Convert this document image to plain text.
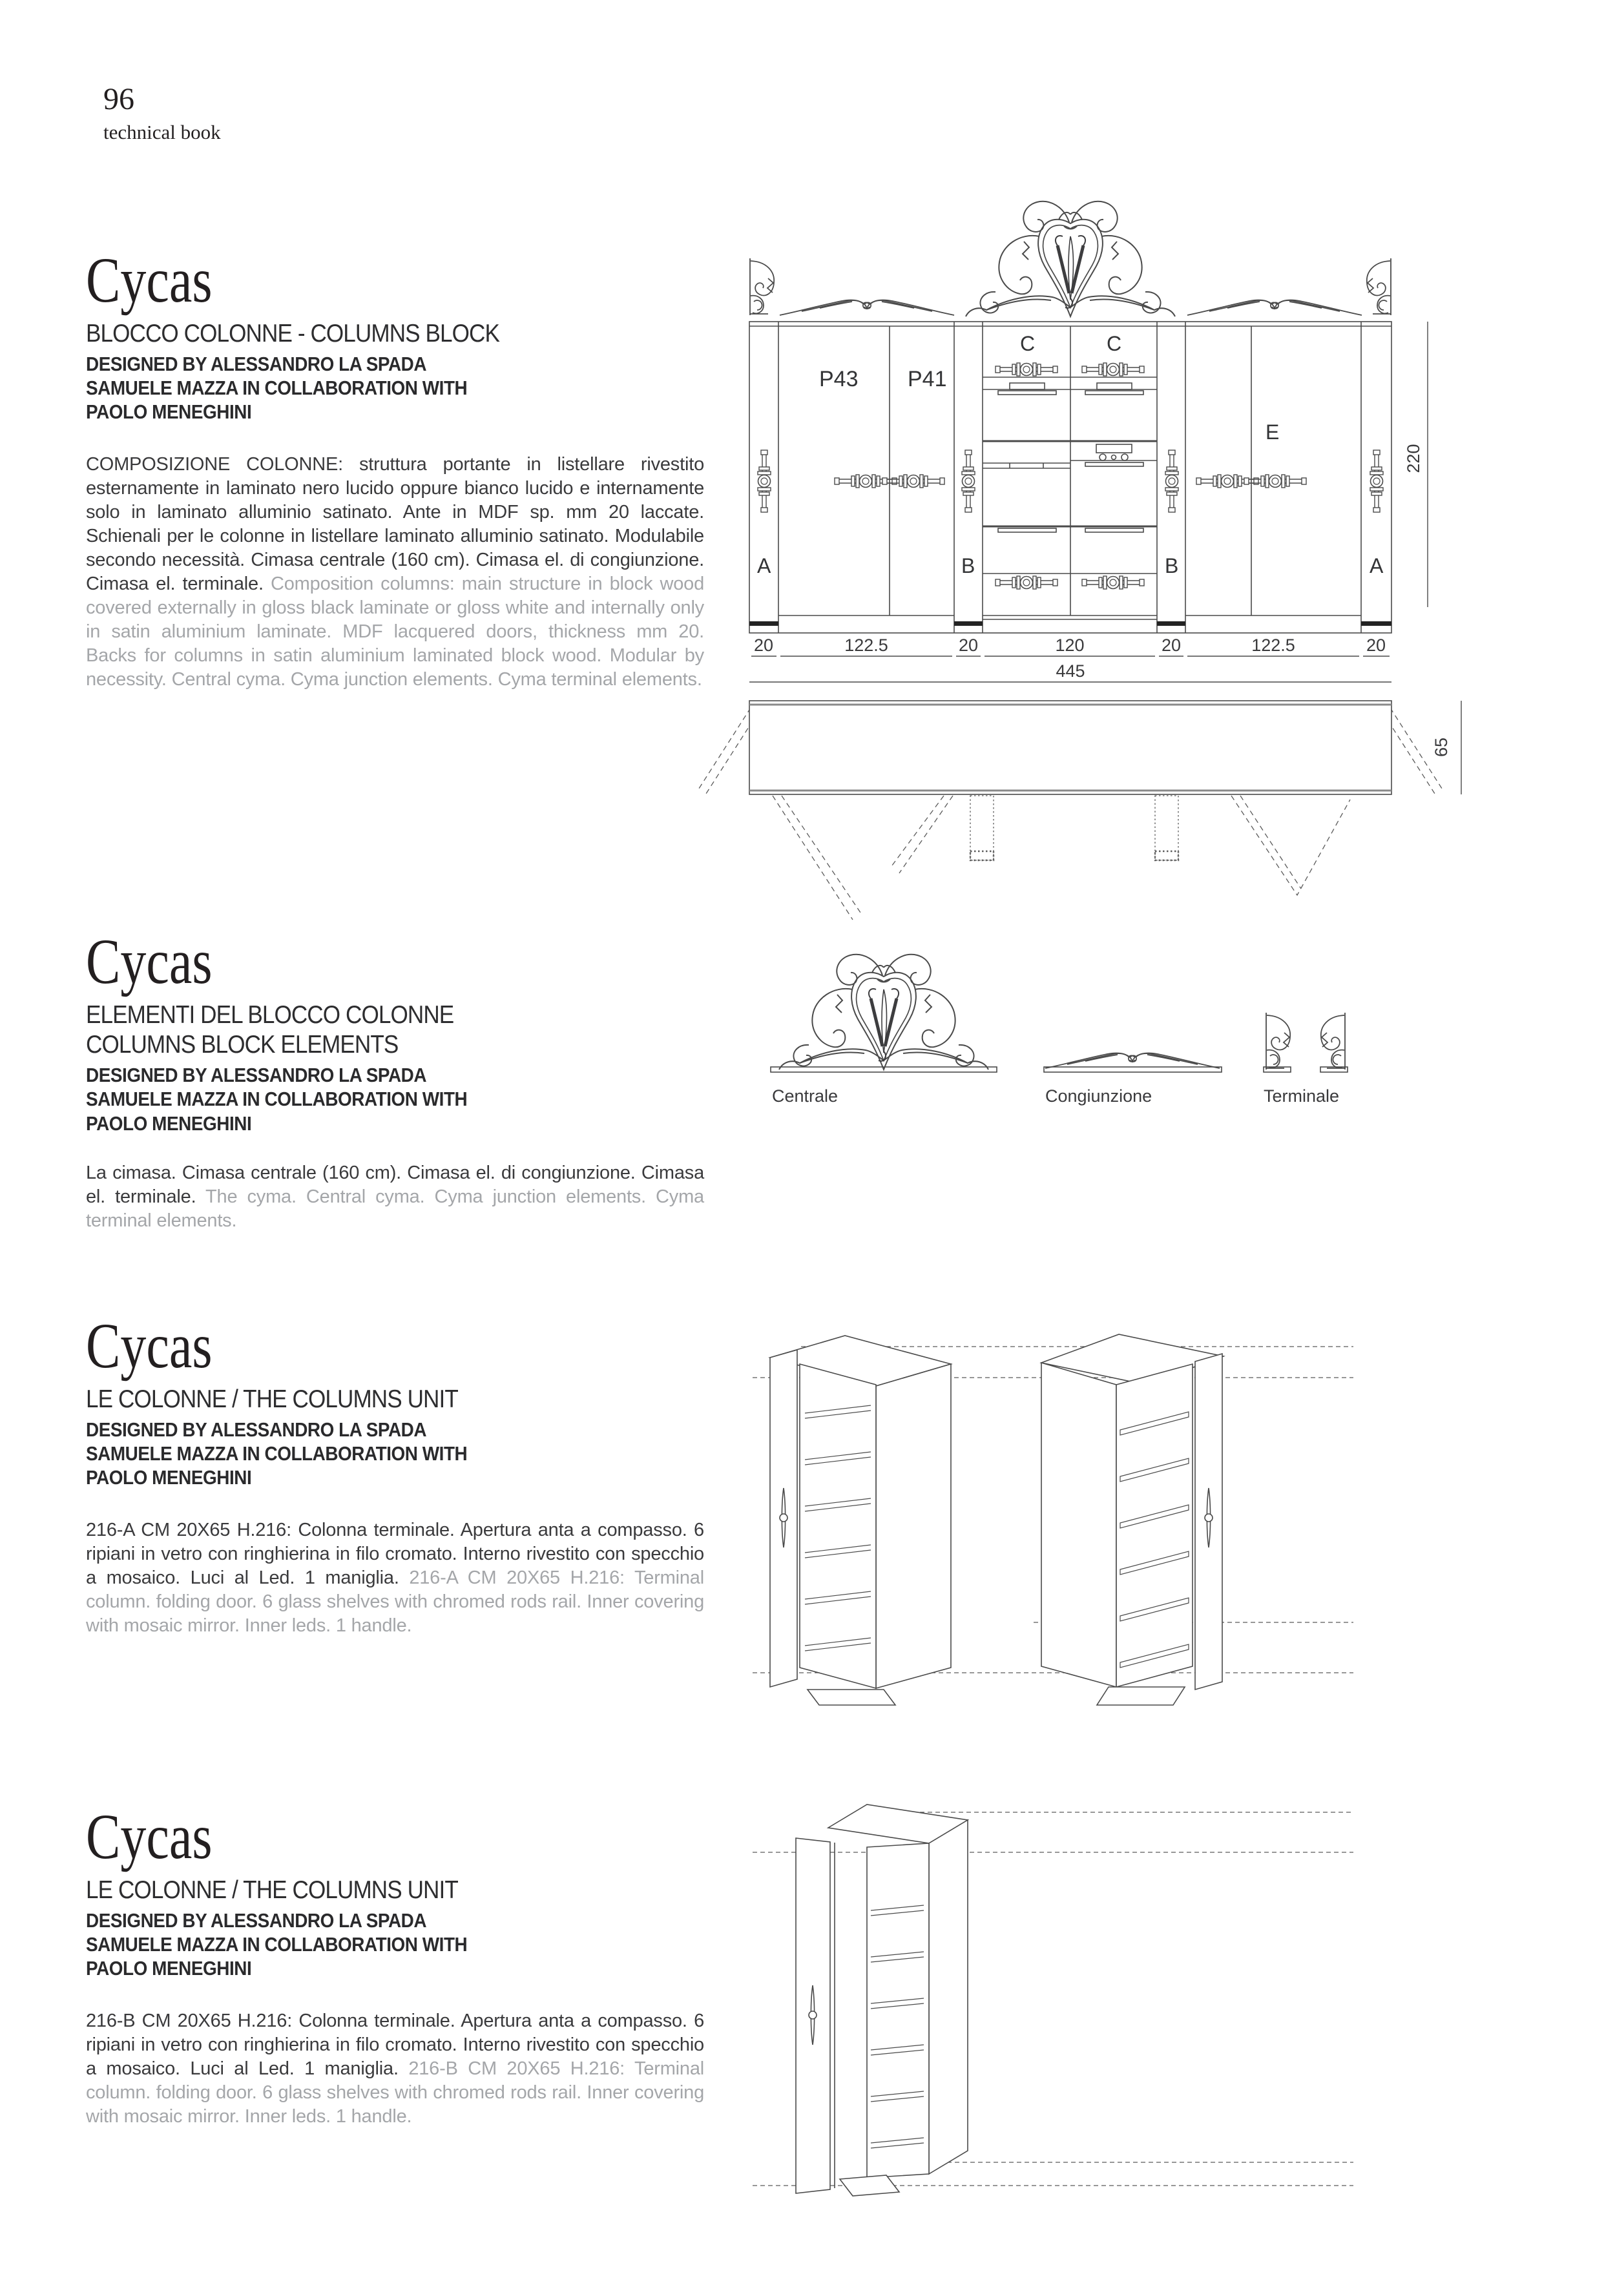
96
technical book
Cycas
BLOCCO COLONNE - COLUMNS BLOCK
DESIGNED BY ALESSANDRO LA SPADA
SAMUELE MAZZA IN COLLABORATION WITH
PAOLO MENEGHINI

COMPOSIZIONE COLONNE: struttura portante in listellare rivestito esternamente in laminato nero lucido oppure bianco lucido e internamente solo in laminato alluminio satinato. Ante in MDF sp. mm 20 laccate. Schienali per le colonne in listellare laminato alluminio satinato. Modulabile secondo necessità. Cimasa centrale (160 cm). Cimasa el. di congiunzione. Cimasa el. terminale. Composition columns: main structure in block wood covered externally in gloss black laminate or gloss white and internally only in satin aluminium laminate. MDF lacquered doors, thickness mm 20. Backs for columns in satin aluminium laminated block wood. Modular by necessity. Central cyma. Cyma junction elements. Cyma terminal elements.

P43 P41
C	C
E
A	B	B	A
20	122.5	20	120	20	122.5	20
445
220
65
Cycas
ELEMENTI DEL BLOCCO COLONNE
COLUMNS BLOCK ELEMENTS
DESIGNED BY ALESSANDRO LA SPADA
SAMUELE MAZZA IN COLLABORATION WITH
PAOLO MENEGHINI

La cimasa. Cimasa centrale (160 cm). Cimasa el. di congiunzione. Cimasa el. terminale. The cyma. Central cyma. Cyma junction elements. Cyma terminal elements.

Centrale	Congiunzione	Terminale
Cycas
LE COLONNE / THE COLUMNS UNIT
DESIGNED BY ALESSANDRO LA SPADA
SAMUELE MAZZA IN COLLABORATION WITH
PAOLO MENEGHINI

216-A CM 20X65 H.216: Colonna terminale. Apertura anta a compasso. 6 ripiani in vetro con ringhierina in filo cromato. Interno rivestito con specchio a mosaico. Luci al Led. 1 maniglia. 216-A CM 20X65 H.216: Terminal column. folding door. 6 glass shelves with chromed rods rail. Inner covering with mosaic mirror. Inner leds. 1 handle.

Cycas
LE COLONNE / THE COLUMNS UNIT
DESIGNED BY ALESSANDRO LA SPADA
SAMUELE MAZZA IN COLLABORATION WITH
PAOLO MENEGHINI

216-B CM 20X65 H.216: Colonna terminale. Apertura anta a compasso. 6 ripiani in vetro con ringhierina in filo cromato. Interno rivestito con specchio a mosaico. Luci al Led. 1 maniglia. 216-B CM 20X65 H.216: Terminal column. folding door. 6 glass shelves with chromed rods rail. Inner covering with mosaic mirror. Inner leds. 1 handle.
